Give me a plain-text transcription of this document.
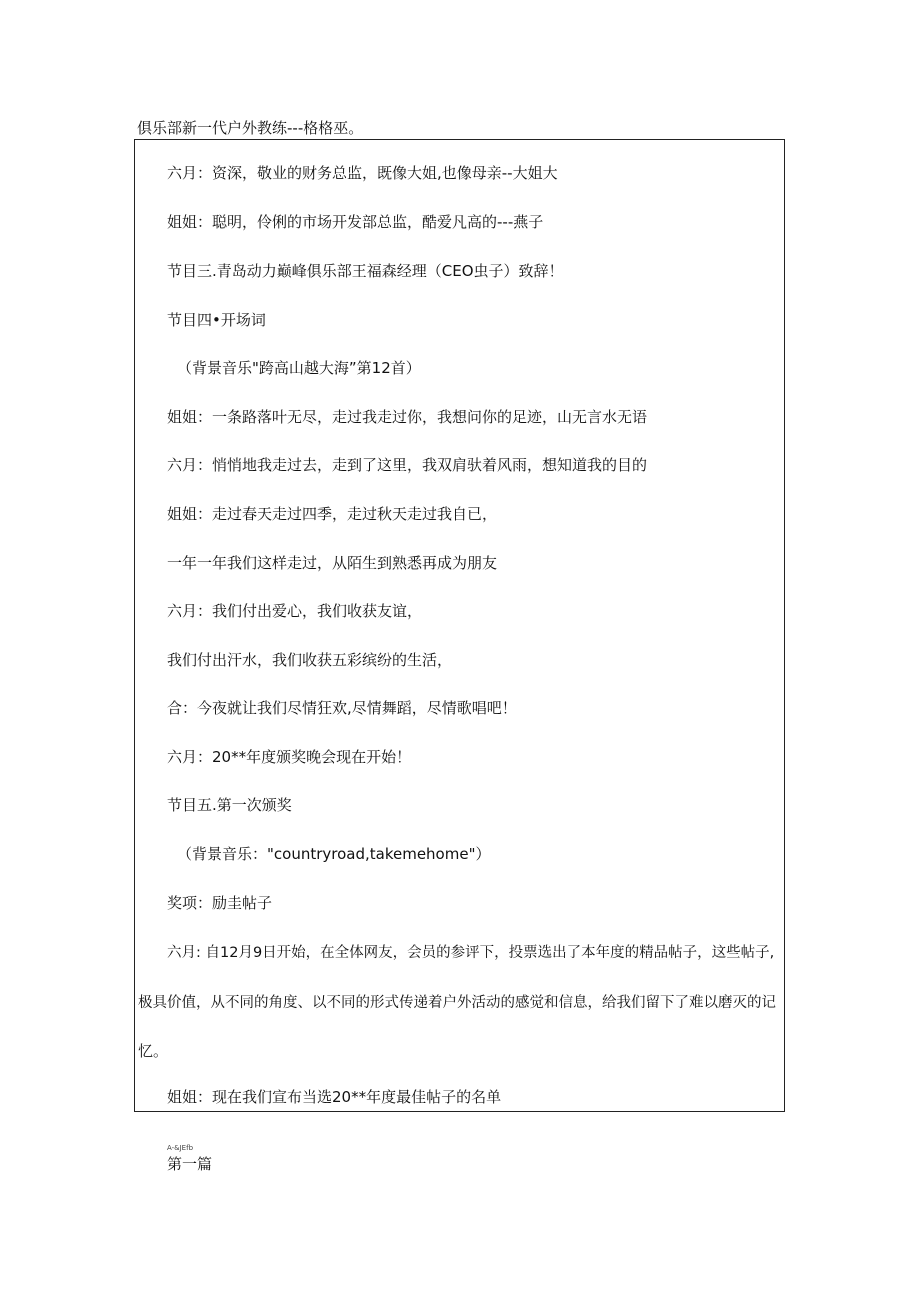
俱乐部新一代户外教练---格格巫。
六月：资深，敬业的财务总监，既像大姐,也像母亲--大姐大
姐姐：聪明，伶俐的市场开发部总监，酷爱凡高的---燕子
节目三.青岛动力巅峰俱乐部王福森经理（CEO虫子）致辞！
节目四•开场词
（背景音乐"跨高山越大海”第12首）
姐姐：一条路落叶无尽，走过我走过你，我想问你的足迹，山无言水无语
六月：悄悄地我走过去，走到了这里，我双肩驮着风雨，想知道我的目的
姐姐：走过春天走过四季，走过秋天走过我自已，
一年一年我们这样走过，从陌生到熟悉再成为朋友
六月：我们付出爱心，我们收获友谊，
我们付出汗水，我们收获五彩缤纷的生活，
合：今夜就让我们尽情狂欢,尽情舞蹈，尽情歌唱吧！
六月：20**年度颁奖晚会现在开始！
节目五.第一次颁奖
（背景音乐："countryroad,takemehome"）
奖项：励圭帖子
六月: 自12月9日开始，在全体网友，会员的参评下，投票选出了本年度的精品帖子，这些帖子,
极具价值，从不同的角度、以不同的形式传递着户外活动的感觉和信息，给我们留下了难以磨灭的记
忆。
姐姐：现在我们宣布当选20**年度最佳帖子的名单
A-&JEfb
第一篇
